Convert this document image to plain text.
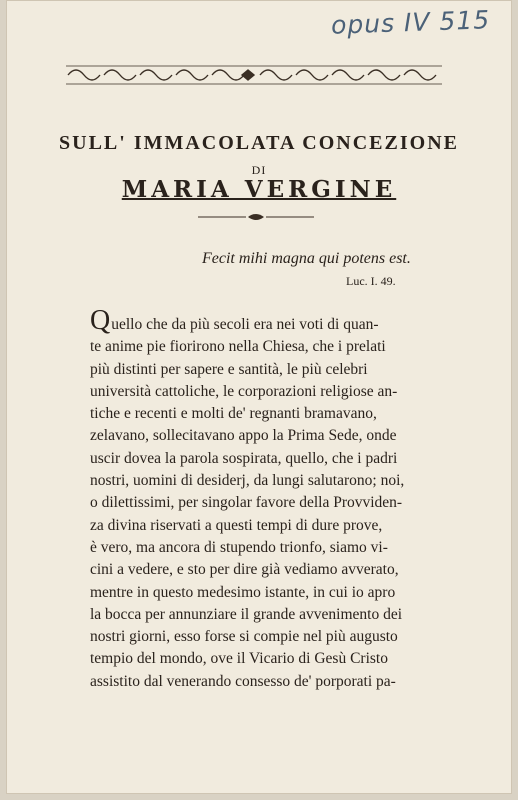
opus IV 515
SULL' IMMACOLATA CONCEZIONE
DI
MARIA VERGINE
Fecit mihi magna qui potens est.
Luc. I. 49.
Quello che da più secoli era nei voti di quan-
te anime pie fiorirono nella Chiesa, che i prelati
più distinti per sapere e santità, le più celebri
università cattoliche, le corporazioni religiose an-
tiche e recenti e molti de' regnanti bramavano,
zelavano, sollecitavano appo la Prima Sede, onde
uscir dovea la parola sospirata, quello, che i padri
nostri, uomini di desiderj, da lungi salutarono; noi,
o dilettissimi, per singolar favore della Provviden-
za divina riservati a questi tempi di dure prove,
è vero, ma ancora di stupendo trionfo, siamo vi-
cini a vedere, e sto per dire già vediamo avverato,
mentre in questo medesimo istante, in cui io apro
la bocca per annunziare il grande avvenimento dei
nostri giorni, esso forse si compie nel più augusto
tempio del mondo, ove il Vicario di Gesù Cristo
assistito dal venerando consesso de' porporati pa-
